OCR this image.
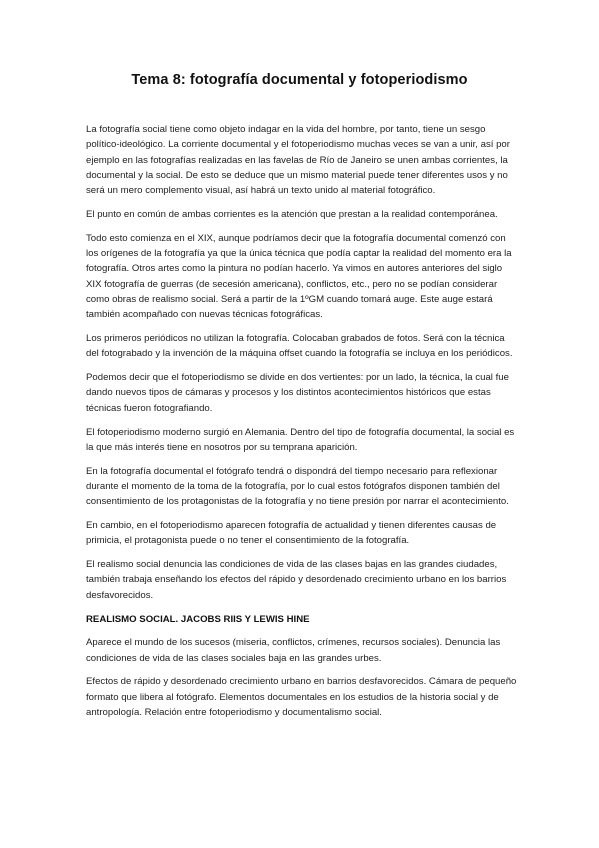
Tema 8: fotografía documental y fotoperiodismo

La fotografía social tiene como objeto indagar en la vida del hombre, por tanto, tiene un sesgo político-ideológico. La corriente documental y el fotoperiodismo muchas veces se van a unir, así por ejemplo en las fotografías realizadas en las favelas de Río de Janeiro se unen ambas corrientes, la documental y la social. De esto se deduce que un mismo material puede tener diferentes usos y no será un mero complemento visual, así habrá un texto unido al material fotográfico.

El punto en común de ambas corrientes es la atención que prestan a la realidad contemporánea.

Todo esto comienza en el XIX, aunque podríamos decir que la fotografía documental comenzó con los orígenes de la fotografía ya que la única técnica que podía captar la realidad del momento era la fotografía. Otros artes como la pintura no podían hacerlo. Ya vimos en autores anteriores del siglo XIX fotografía de guerras (de secesión americana), conflictos, etc., pero no se podían considerar como obras de realismo social. Será a partir de la 1ºGM cuando tomará auge. Este auge estará también acompañado con nuevas técnicas fotográficas.

Los primeros periódicos no utilizan la fotografía. Colocaban grabados de fotos. Será con la técnica del fotograbado y la invención de la máquina offset cuando la fotografía se incluya en los periódicos.

Podemos decir que el fotoperiodismo se divide en dos vertientes: por un lado, la técnica, la cual fue dando nuevos tipos de cámaras y procesos y los distintos acontecimientos históricos que estas técnicas fueron fotografiando.

El fotoperiodismo moderno surgió en Alemania. Dentro del tipo de fotografía documental, la social es la que más interés tiene en nosotros por su temprana aparición.

En la fotografía documental el fotógrafo tendrá o dispondrá del tiempo necesario para reflexionar durante el momento de la toma de la fotografía, por lo cual estos fotógrafos disponen también del consentimiento de los protagonistas de la fotografía y no tiene presión por narrar el acontecimiento.

En cambio, en el fotoperiodismo aparecen fotografía de actualidad y tienen diferentes causas de primicia, el protagonista puede o no tener el consentimiento de la fotografía.

El realismo social denuncia las condiciones de vida de las clases bajas en las grandes ciudades, también trabaja enseñando los efectos del rápido y desordenado crecimiento urbano en los barrios desfavorecidos.

REALISMO SOCIAL. JACOBS RIIS Y LEWIS HINE

Aparece el mundo de los sucesos (miseria, conflictos, crímenes, recursos sociales). Denuncia las condiciones de vida de las clases sociales baja en las grandes urbes.

Efectos de rápido y desordenado crecimiento urbano en barrios desfavorecidos. Cámara de pequeño formato que libera al fotógrafo. Elementos documentales en los estudios de la historia social y de antropología. Relación entre fotoperiodismo y documentalismo social.
